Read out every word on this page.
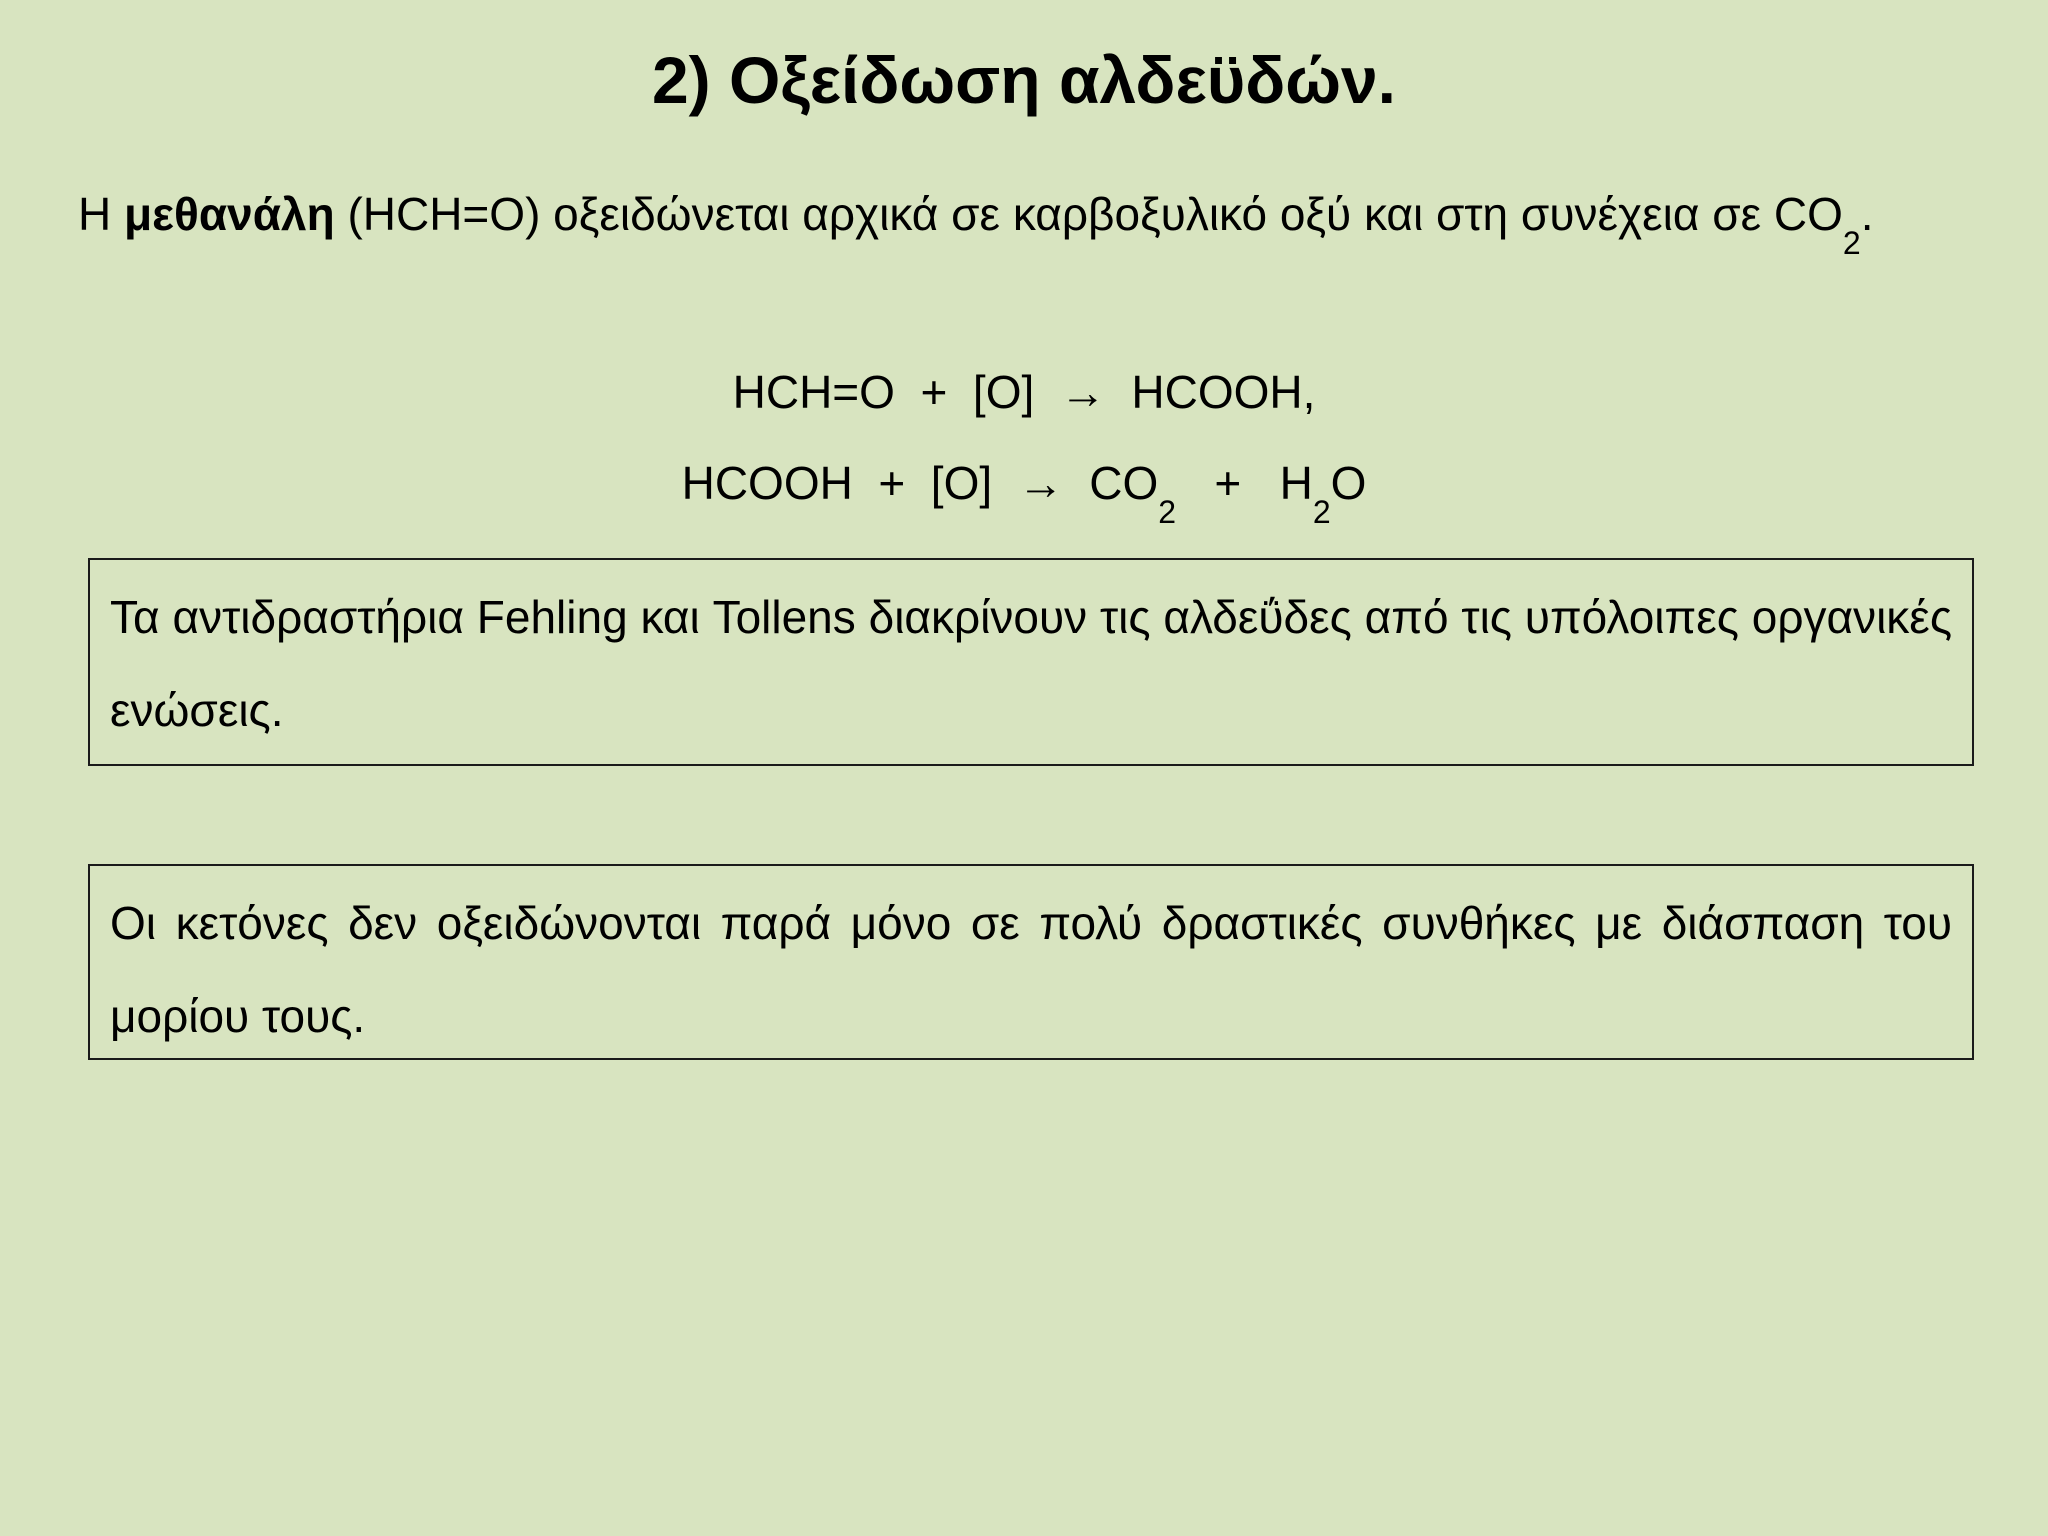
2) Οξείδωση αλδεϋδών.
Η μεθανάλη (HCH=O) οξειδώνεται αρχικά σε καρβοξυλικό οξύ και στη συνέχεια σε $CO_2$.
HCH=O  +  [O]  →  HCOOH,
HCOOH  +  $[O] \to CO_2 + H_2O$

Τα αντιδραστήρια Fehling και Tollens διακρίνουν τις αλδεΰδες από τις υπόλοιπες οργανικές ενώσεις.

Οι κετόνες δεν οξειδώνονται παρά μόνο σε πολύ δραστικές συνθήκες με διάσπαση του μορίου τους.
